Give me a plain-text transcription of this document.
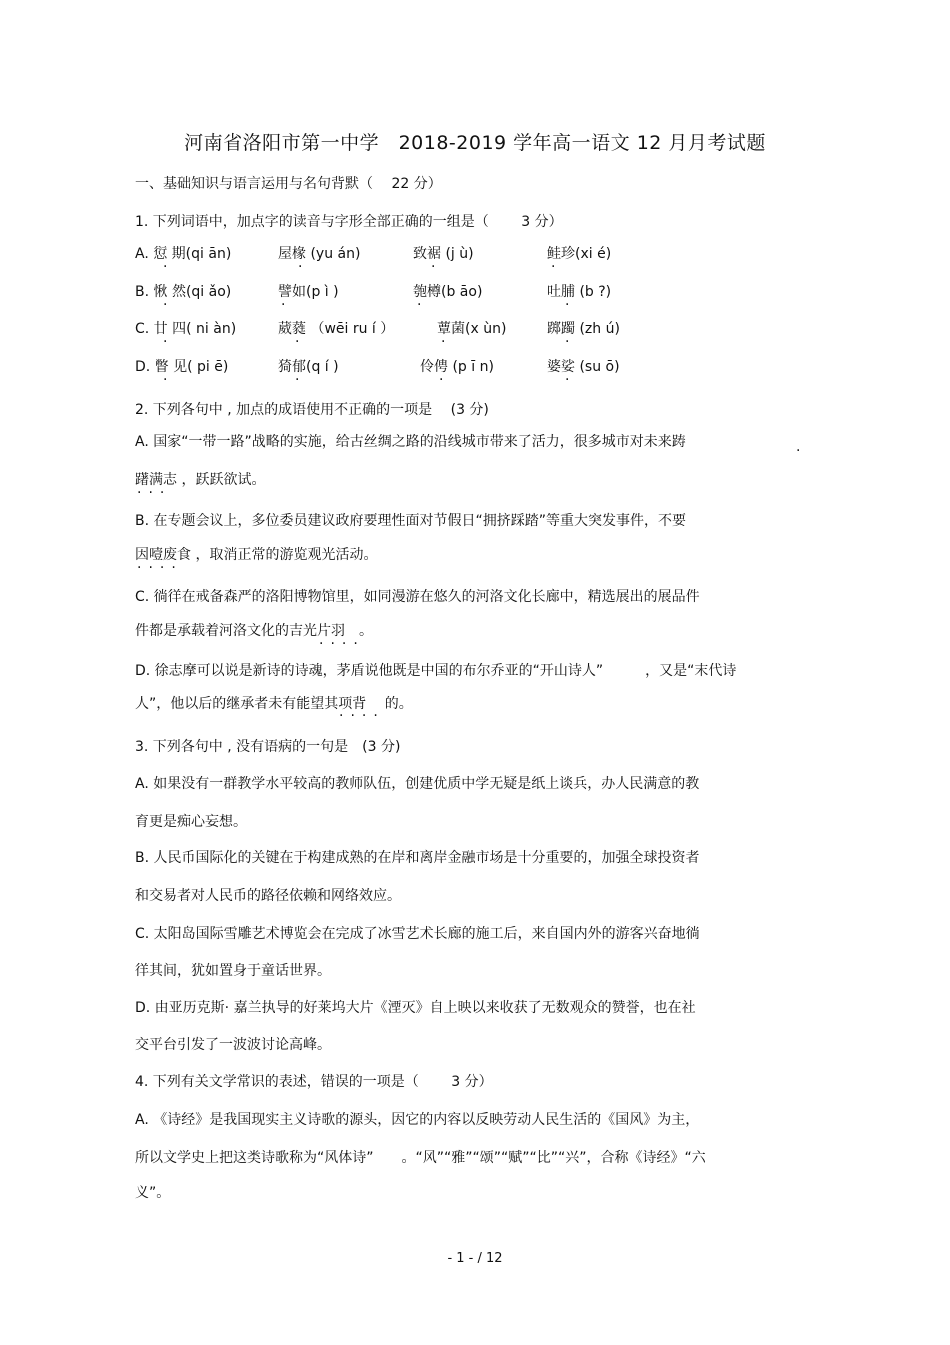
河南省洛阳市第一中学　2018-2019 学年高一语文 12 月月考试题
一、基础知识与语言运用与名句背默（　 22 分）
1. 下列词语中，加点字的读音与字形全部正确的一组是（　　 3 分）
A. 愆 期(qi ān)	屋椽 (yu án)	致裾 (j ù)	鲑珍(xi é)
B. 愀 然(qi ǎo)	譬如(p ì )	匏樽(b āo)	吐脯 (b ?)
C. 廿 四( ni àn)	葳蕤 （wēi ru í ）	蕈菌(x ùn)	踯躅 (zh ú)
D. 瞥 见( pi ē)	猗郁(q í )	伶俜 (p ī n)	婆娑 (su ō)
·	·	·	·
·	·	·	·
·	·	·	·
·	·	·	·
2. 下列各句中 , 加点的成语使用不正确的一项是　 (3 分)
A. 国家“一带一路”战略的实施，给古丝绸之路的沿线城市带来了活力，很多城市对未来踌
·
躇满志 ，跃跃欲试。
···
B. 在专题会议上，多位委员建议政府要理性面对节假日“拥挤踩踏”等重大突发事件，不要
因噎废食 ，取消正常的游览观光活动。
····
C. 徜徉在戒备森严的洛阳博物馆里，如同漫游在悠久的河洛文化长廊中，精选展出的展品件
件都是承载着河洛文化的吉光片羽　。
····
D. 徐志摩可以说是新诗的诗魂，茅盾说他既是中国的布尔乔亚的“开山诗人”　　　，又是“末代诗
人”，他以后的继承者未有能望其项背　 的。
····
3. 下列各句中 , 没有语病的一句是　(3 分)
A. 如果没有一群教学水平较高的教师队伍，创建优质中学无疑是纸上谈兵，办人民满意的教
育更是痴心妄想。
B. 人民币国际化的关键在于构建成熟的在岸和离岸金融市场是十分重要的，加强全球投资者
和交易者对人民币的路径依赖和网络效应。
C. 太阳岛国际雪雕艺术博览会在完成了冰雪艺术长廊的施工后，来自国内外的游客兴奋地徜
徉其间，犹如置身于童话世界。
D. 由亚历克斯· 嘉兰执导的好莱坞大片《湮灭》自上映以来收获了无数观众的赞誉，也在社
交平台引发了一波波讨论高峰。
4. 下列有关文学常识的表述，错误的一项是（　　 3 分）
A. 《诗经》是我国现实主义诗歌的源头，因它的内容以反映劳动人民生活的《国风》为主，
所以文学史上把这类诗歌称为“风体诗”　　。“风”“雅”“颂”“赋”“比”“兴”，合称《诗经》“六
义”。
- 1 - / 12
